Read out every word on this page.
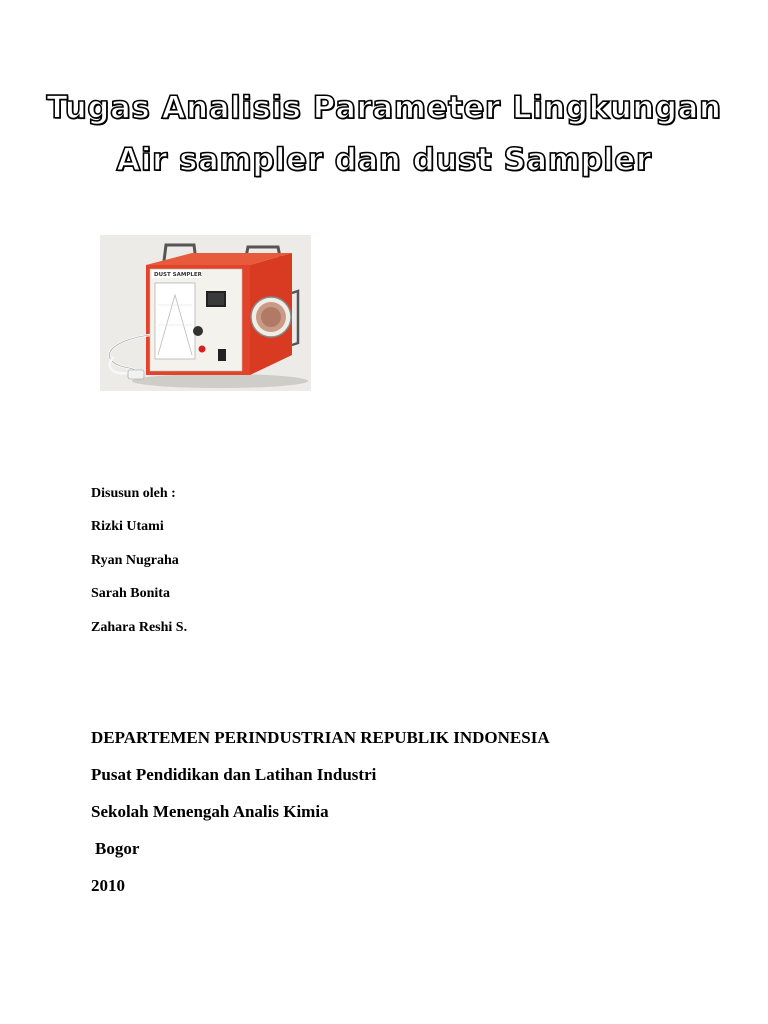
Tugas Analisis Parameter Lingkungan
Air sampler dan dust Sampler
DUST SAMPLER
Disusun oleh :
Rizki Utami
Ryan Nugraha
Sarah Bonita
Zahara Reshi S.
DEPARTEMEN PERINDUSTRIAN REPUBLIK INDONESIA
Pusat Pendidikan dan Latihan Industri
Sekolah Menengah Analis Kimia
Bogor
2010
